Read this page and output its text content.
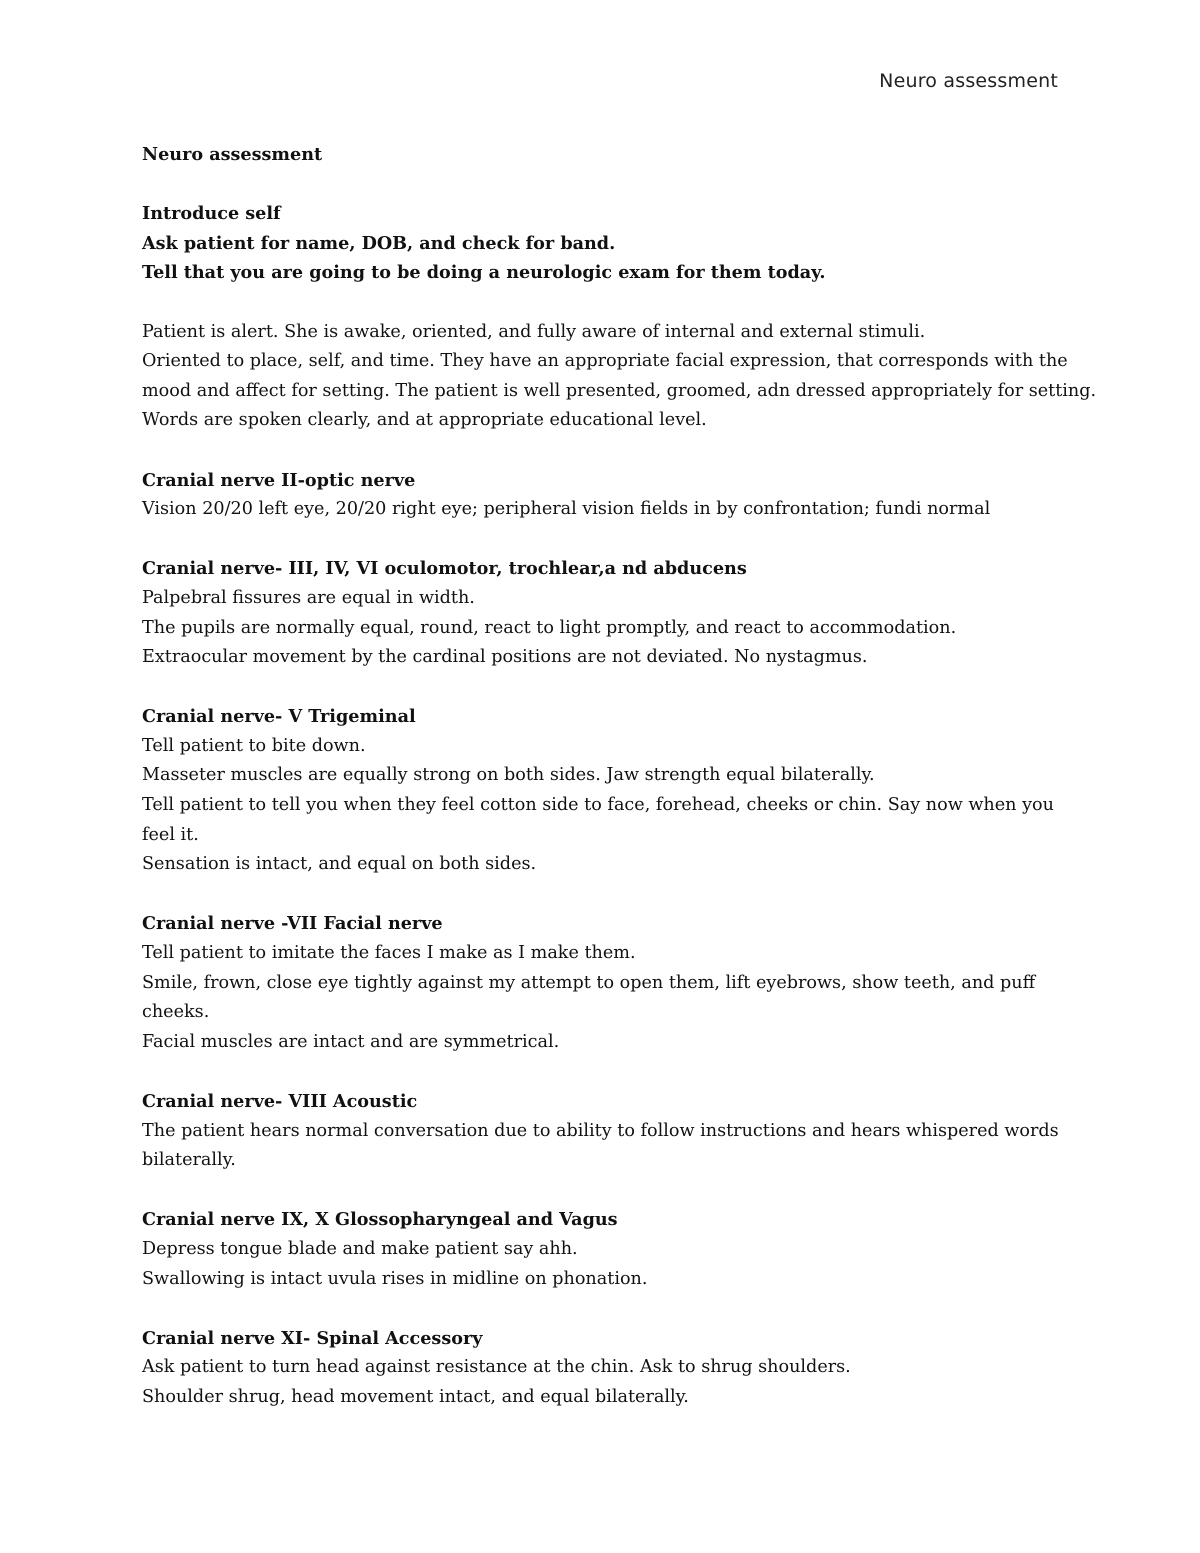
Neuro assessment
Neuro assessment
Introduce self
Ask patient for name, DOB, and check for band.
Tell that you are going to be doing a neurologic exam for them today.
Patient is alert. She is awake, oriented, and fully aware of internal and external stimuli.
Oriented to place, self, and time. They have an appropriate facial expression, that corresponds with the
mood and affect for setting. The patient is well presented, groomed, adn dressed appropriately for setting.
Words are spoken clearly, and at appropriate educational level.
Cranial nerve II-optic nerve
Vision 20/20 left eye, 20/20 right eye; peripheral vision fields in by confrontation; fundi normal
Cranial nerve- III, IV, VI oculomotor, trochlear,a nd abducens
Palpebral fissures are equal in width.
The pupils are normally equal, round, react to light promptly, and react to accommodation.
Extraocular movement by the cardinal positions are not deviated. No nystagmus.
Cranial nerve- V Trigeminal
Tell patient to bite down.
Masseter muscles are equally strong on both sides. Jaw strength equal bilaterally.
Tell patient to tell you when they feel cotton side to face, forehead, cheeks or chin. Say now when you
feel it.
Sensation is intact, and equal on both sides.
Cranial nerve -VII Facial nerve
Tell patient to imitate the faces I make as I make them.
Smile, frown, close eye tightly against my attempt to open them, lift eyebrows, show teeth, and puff
cheeks.
Facial muscles are intact and are symmetrical.
Cranial nerve- VIII Acoustic
The patient hears normal conversation due to ability to follow instructions and hears whispered words
bilaterally.
Cranial nerve IX, X Glossopharyngeal and Vagus
Depress tongue blade and make patient say ahh.
Swallowing is intact uvula rises in midline on phonation.
Cranial nerve XI- Spinal Accessory
Ask patient to turn head against resistance at the chin. Ask to shrug shoulders.
Shoulder shrug, head movement intact, and equal bilaterally.
